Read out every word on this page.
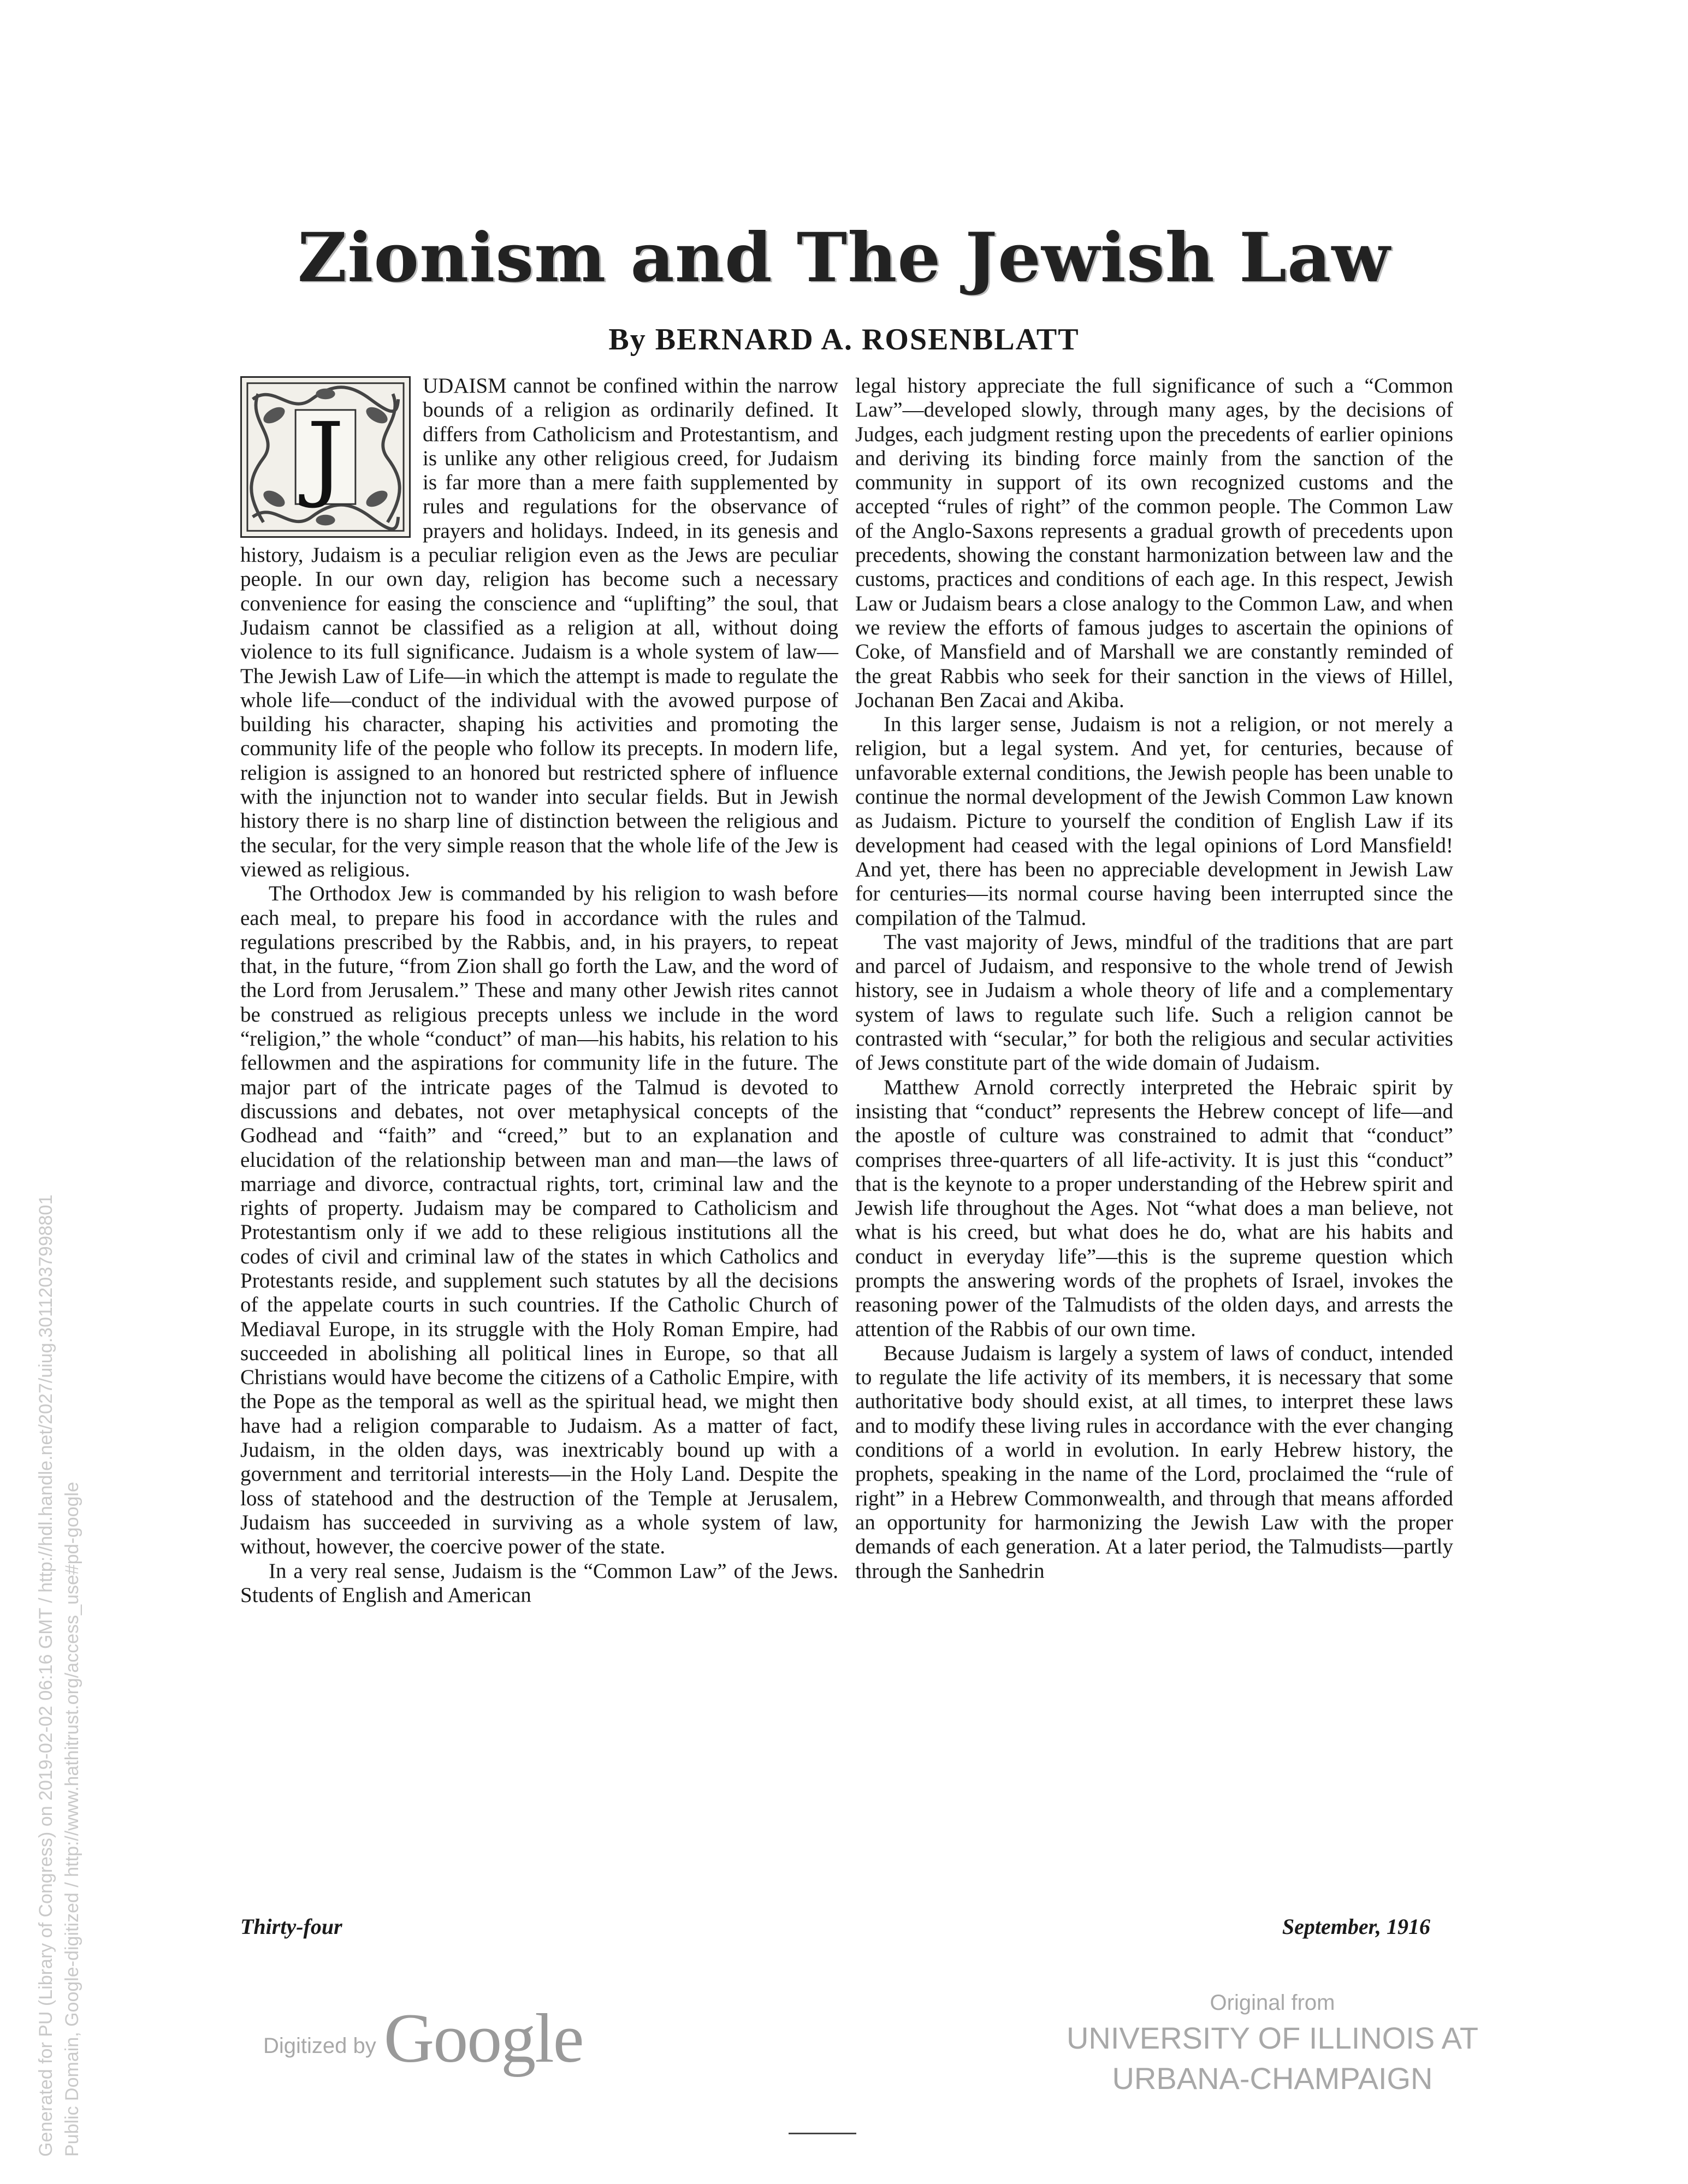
Zionism and The Jewish Law
By BERNARD A. ROSENBLATT
J

UDAISM cannot be confined within the narrow bounds of a religion as ordinarily defined. It differs from Catholicism and Protestantism, and is unlike any other religious creed, for Judaism is far more than a mere faith supplemented by rules and regulations for the observance of prayers and holidays. Indeed, in its genesis and history, Judaism is a peculiar religion even as the Jews are peculiar people. In our own day, religion has become such a necessary convenience for easing the conscience and “uplifting” the soul, that Judaism cannot be classified as a religion at all, without doing violence to its full significance. Judaism is a whole system of law—The Jewish Law of Life—in which the attempt is made to regulate the whole life—conduct of the individual with the avowed purpose of building his character, shaping his activities and promoting the community life of the people who follow its precepts. In modern life, religion is assigned to an honored but restricted sphere of influence with the injunction not to wander into secular fields. But in Jewish history there is no sharp line of distinction between the religious and the secular, for the very simple reason that the whole life of the Jew is viewed as religious.

The Orthodox Jew is commanded by his religion to wash before each meal, to prepare his food in accordance with the rules and regulations prescribed by the Rabbis, and, in his prayers, to repeat that, in the future, “from Zion shall go forth the Law, and the word of the Lord from Jerusalem.” These and many other Jewish rites cannot be construed as religious precepts unless we include in the word “religion,” the whole “conduct” of man—his habits, his relation to his fellowmen and the aspirations for community life in the future. The major part of the intricate pages of the Talmud is devoted to discussions and debates, not over metaphysical concepts of the Godhead and “faith” and “creed,” but to an explanation and elucidation of the relationship between man and man—the laws of marriage and divorce, contractual rights, tort, criminal law and the rights of property. Judaism may be compared to Catholicism and Protestantism only if we add to these religious institutions all the codes of civil and criminal law of the states in which Catholics and Protestants reside, and supplement such statutes by all the decisions of the appelate courts in such countries. If the Catholic Church of Mediaval Europe, in its struggle with the Holy Roman Empire, had succeeded in abolishing all political lines in Europe, so that all Christians would have become the citizens of a Catholic Empire, with the Pope as the temporal as well as the spiritual head, we might then have had a religion comparable to Judaism. As a matter of fact, Judaism, in the olden days, was inextricably bound up with a government and territorial interests—in the Holy Land. Despite the loss of statehood and the destruction of the Temple at Jerusalem, Judaism has succeeded in surviving as a whole system of law, without, however, the coercive power of the state.

In a very real sense, Judaism is the “Common Law” of the Jews. Students of English and American

legal history appreciate the full significance of such a “Common Law”—developed slowly, through many ages, by the decisions of Judges, each judgment resting upon the precedents of earlier opinions and deriving its binding force mainly from the sanction of the community in support of its own recognized customs and the accepted “rules of right” of the common people. The Common Law of the Anglo-Saxons represents a gradual growth of precedents upon precedents, showing the constant harmonization between law and the customs, practices and conditions of each age. In this respect, Jewish Law or Judaism bears a close analogy to the Common Law, and when we review the efforts of famous judges to ascertain the opinions of Coke, of Mansfield and of Marshall we are constantly reminded of the great Rabbis who seek for their sanction in the views of Hillel, Jochanan Ben Zacai and Akiba.

In this larger sense, Judaism is not a religion, or not merely a religion, but a legal system. And yet, for centuries, because of unfavorable external conditions, the Jewish people has been unable to continue the normal development of the Jewish Common Law known as Judaism. Picture to yourself the condition of English Law if its development had ceased with the legal opinions of Lord Mansfield! And yet, there has been no appreciable development in Jewish Law for centuries—its normal course having been interrupted since the compilation of the Talmud.

The vast majority of Jews, mindful of the traditions that are part and parcel of Judaism, and responsive to the whole trend of Jewish history, see in Judaism a whole theory of life and a complementary system of laws to regulate such life. Such a religion cannot be contrasted with “secular,” for both the religious and secular activities of Jews constitute part of the wide domain of Judaism.

Matthew Arnold correctly interpreted the Hebraic spirit by insisting that “conduct” represents the Hebrew concept of life—and the apostle of culture was constrained to admit that “conduct” comprises three-quarters of all life-activity. It is just this “conduct” that is the keynote to a proper understanding of the Hebrew spirit and Jewish life throughout the Ages. Not “what does a man believe, not what is his creed, but what does he do, what are his habits and conduct in everyday life”—this is the supreme question which prompts the answering words of the prophets of Israel, invokes the reasoning power of the Talmudists of the olden days, and arrests the attention of the Rabbis of our own time.

Because Judaism is largely a system of laws of conduct, intended to regulate the life activity of its members, it is necessary that some authoritative body should exist, at all times, to interpret these laws and to modify these living rules in accordance with the ever changing conditions of a world in evolution. In early Hebrew history, the prophets, speaking in the name of the Lord, proclaimed the “rule of right” in a Hebrew Commonwealth, and through that means afforded an opportunity for harmonizing the Jewish Law with the proper demands of each generation. At a later period, the Talmudists—partly through the Sanhedrin

Thirty-four	September, 1916
Digitized by Google	Original from
UNIVERSITY OF ILLINOIS AT
URBANA-CHAMPAIGN
Generated for PU (Library of Congress) on 2019-02-02 06:16 GMT / http://hdl.handle.net/2027/uiug.30112037998801 Public Domain, Google-digitized / http://www.hathitrust.org/access_use#pd-google
